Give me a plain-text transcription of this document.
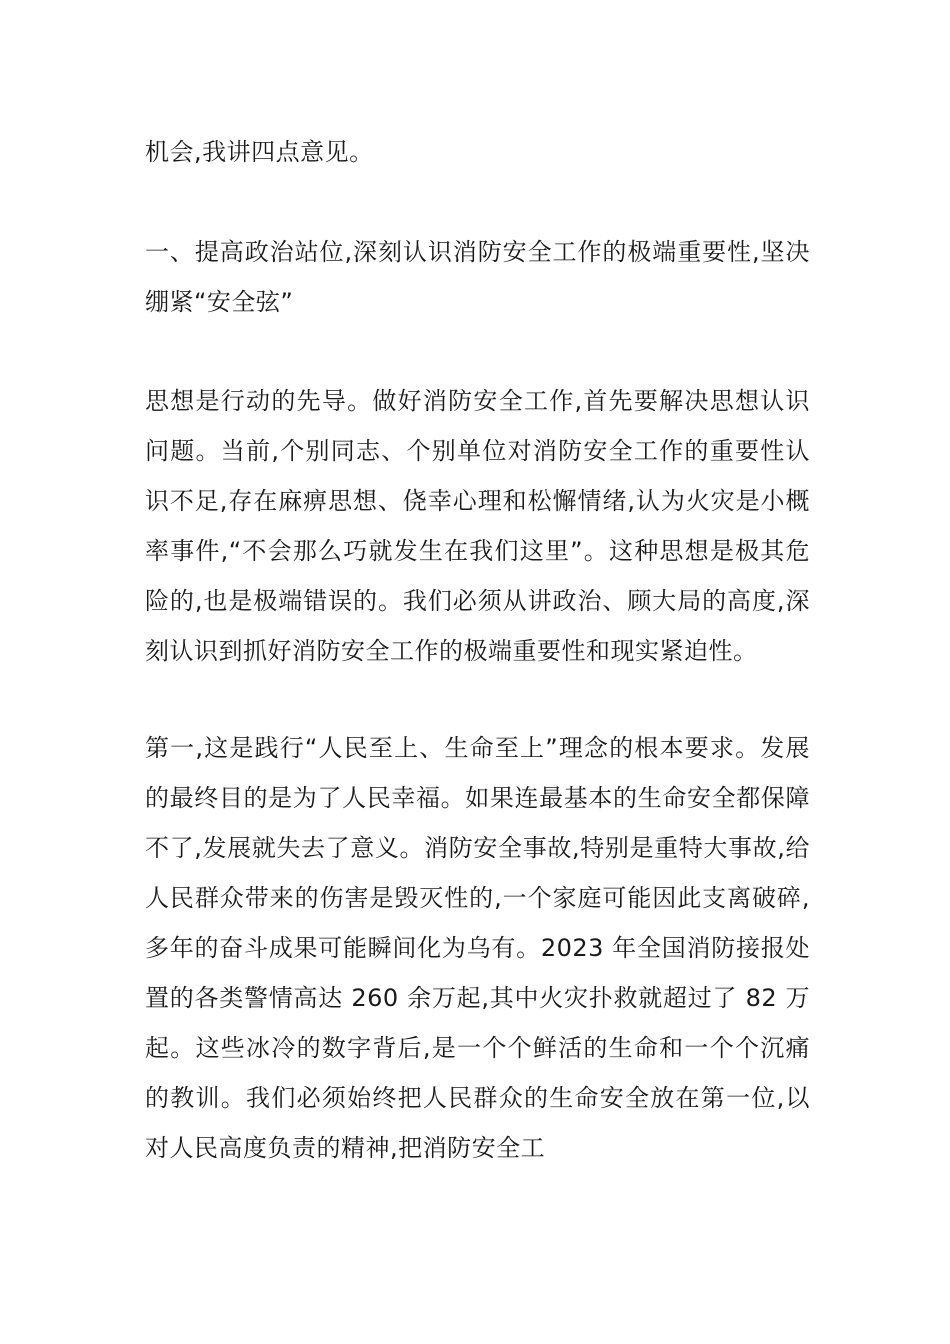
机会,我讲四点意见。

一、提高政治站位,深刻认识消防安全工作的极端重要性,坚决绷紧“安全弦”

思想是行动的先导。做好消防安全工作,首先要解决思想认识问题。当前,个别同志、个别单位对消防安全工作的重要性认识不足,存在麻痹思想、侥幸心理和松懈情绪,认为火灾是小概率事件,“不会那么巧就发生在我们这里”。这种思想是极其危险的,也是极端错误的。我们必须从讲政治、顾大局的高度,深刻认识到抓好消防安全工作的极端重要性和现实紧迫性。

第一,这是践行“人民至上、生命至上”理念的根本要求。发展的最终目的是为了人民幸福。如果连最基本的生命安全都保障不了,发展就失去了意义。消防安全事故,特别是重特大事故,给人民群众带来的伤害是毁灭性的,一个家庭可能因此支离破碎,多年的奋斗成果可能瞬间化为乌有。2023 年全国消防接报处置的各类警情高达 260 余万起,其中火灾扑救就超过了 82 万起。这些冰冷的数字背后,是一个个鲜活的生命和一个个沉痛的教训。我们必须始终把人民群众的生命安全放在第一位,以对人民高度负责的精神,把消防安全工
